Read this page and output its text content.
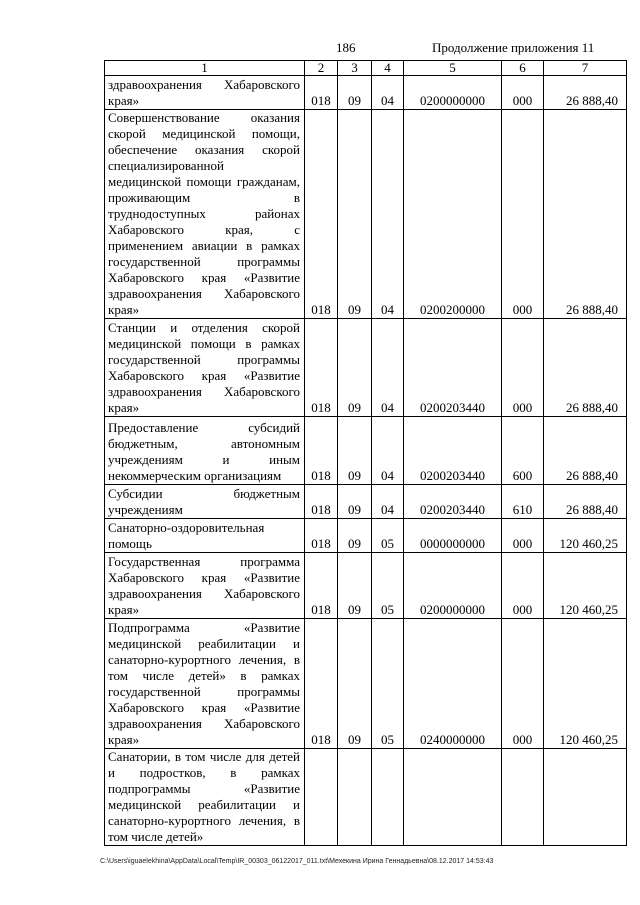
186	Продолжение приложения 11
1	2	3	4	5	6	7
здравоохранения Хабаровского края»	018	09	04	0200000000	000	26 888,40
Совершенствование оказания скорой медицинской помощи, обеспечение оказания скорой специализированной медицинской помощи гражданам, проживающим в труднодоступных районах Хабаровского края, с применением авиации в рамках государственной программы Хабаровского края «Развитие здравоохранения Хабаровского края»	018	09	04	0200200000	000	26 888,40
Станции и отделения скорой медицинской помощи в рамках государственной программы Хабаровского края «Развитие здравоохранения Хабаровского края»	018	09	04	0200203440	000	26 888,40
Предоставление субсидий бюджетным, автономным учреждениям и иным некоммерческим организациям	018	09	04	0200203440	600	26 888,40
Субсидии бюджетным учреждениям	018	09	04	0200203440	610	26 888,40
Санаторно-оздоровительная помощь	018	09	05	0000000000	000	120 460,25
Государственная программа Хабаровского края «Развитие здравоохранения Хабаровского края»	018	09	05	0200000000	000	120 460,25
Подпрограмма «Развитие медицинской реабилитации и санаторно-курортного лечения, в том числе детей» в рамках государственной программы Хабаровского края «Развитие здравоохранения Хабаровского края»	018	09	05	0240000000	000	120 460,25
Санатории, в том числе для детей и подростков, в рамках подпрограммы «Развитие медицинской реабилитации и санаторно-курортного лечения, в том числе детей»						
C:\Users\iguaelekhina\AppData\Local\Temp\IR_00303_06122017_011.txt\Мехекина Ирина Геннадьевна\08.12.2017 14:53:43
